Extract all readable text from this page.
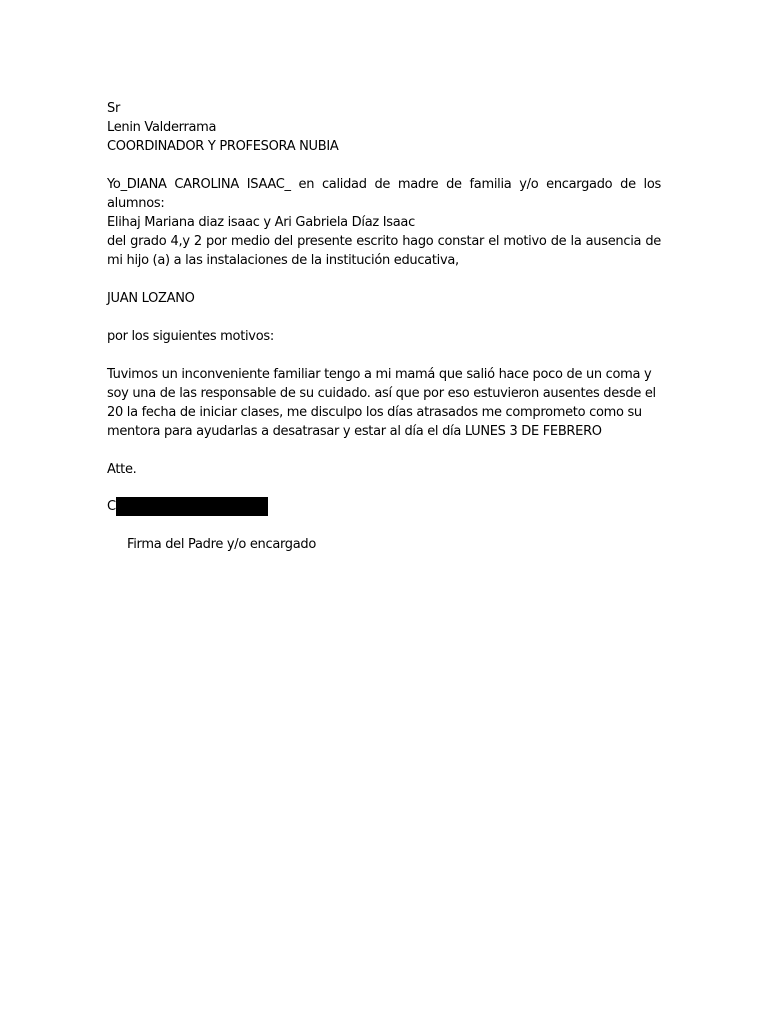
Sr
Lenin Valderrama
COORDINADOR Y PROFESORA NUBIA
Yo_DIANA CAROLINA ISAAC_ en calidad de madre de familia y/o encargado de los
alumnos:
Elihaj Mariana diaz isaac y Ari Gabriela Díaz Isaac
del grado 4,y 2 por medio del presente escrito hago constar el motivo de la ausencia de
mi hijo (a) a las instalaciones de la institución educativa,
JUAN LOZANO
por los siguientes motivos:
Tuvimos un inconveniente familiar tengo a mi mamá que salió hace poco de un coma y
soy una de las responsable de su cuidado. así que por eso estuvieron ausentes desde el
20 la fecha de iniciar clases, me disculpo los días atrasados me comprometo como su
mentora para ayudarlas a desatrasar y estar al día el día LUNES 3 DE FEBRERO
Atte.
C
Firma del Padre y/o encargado
